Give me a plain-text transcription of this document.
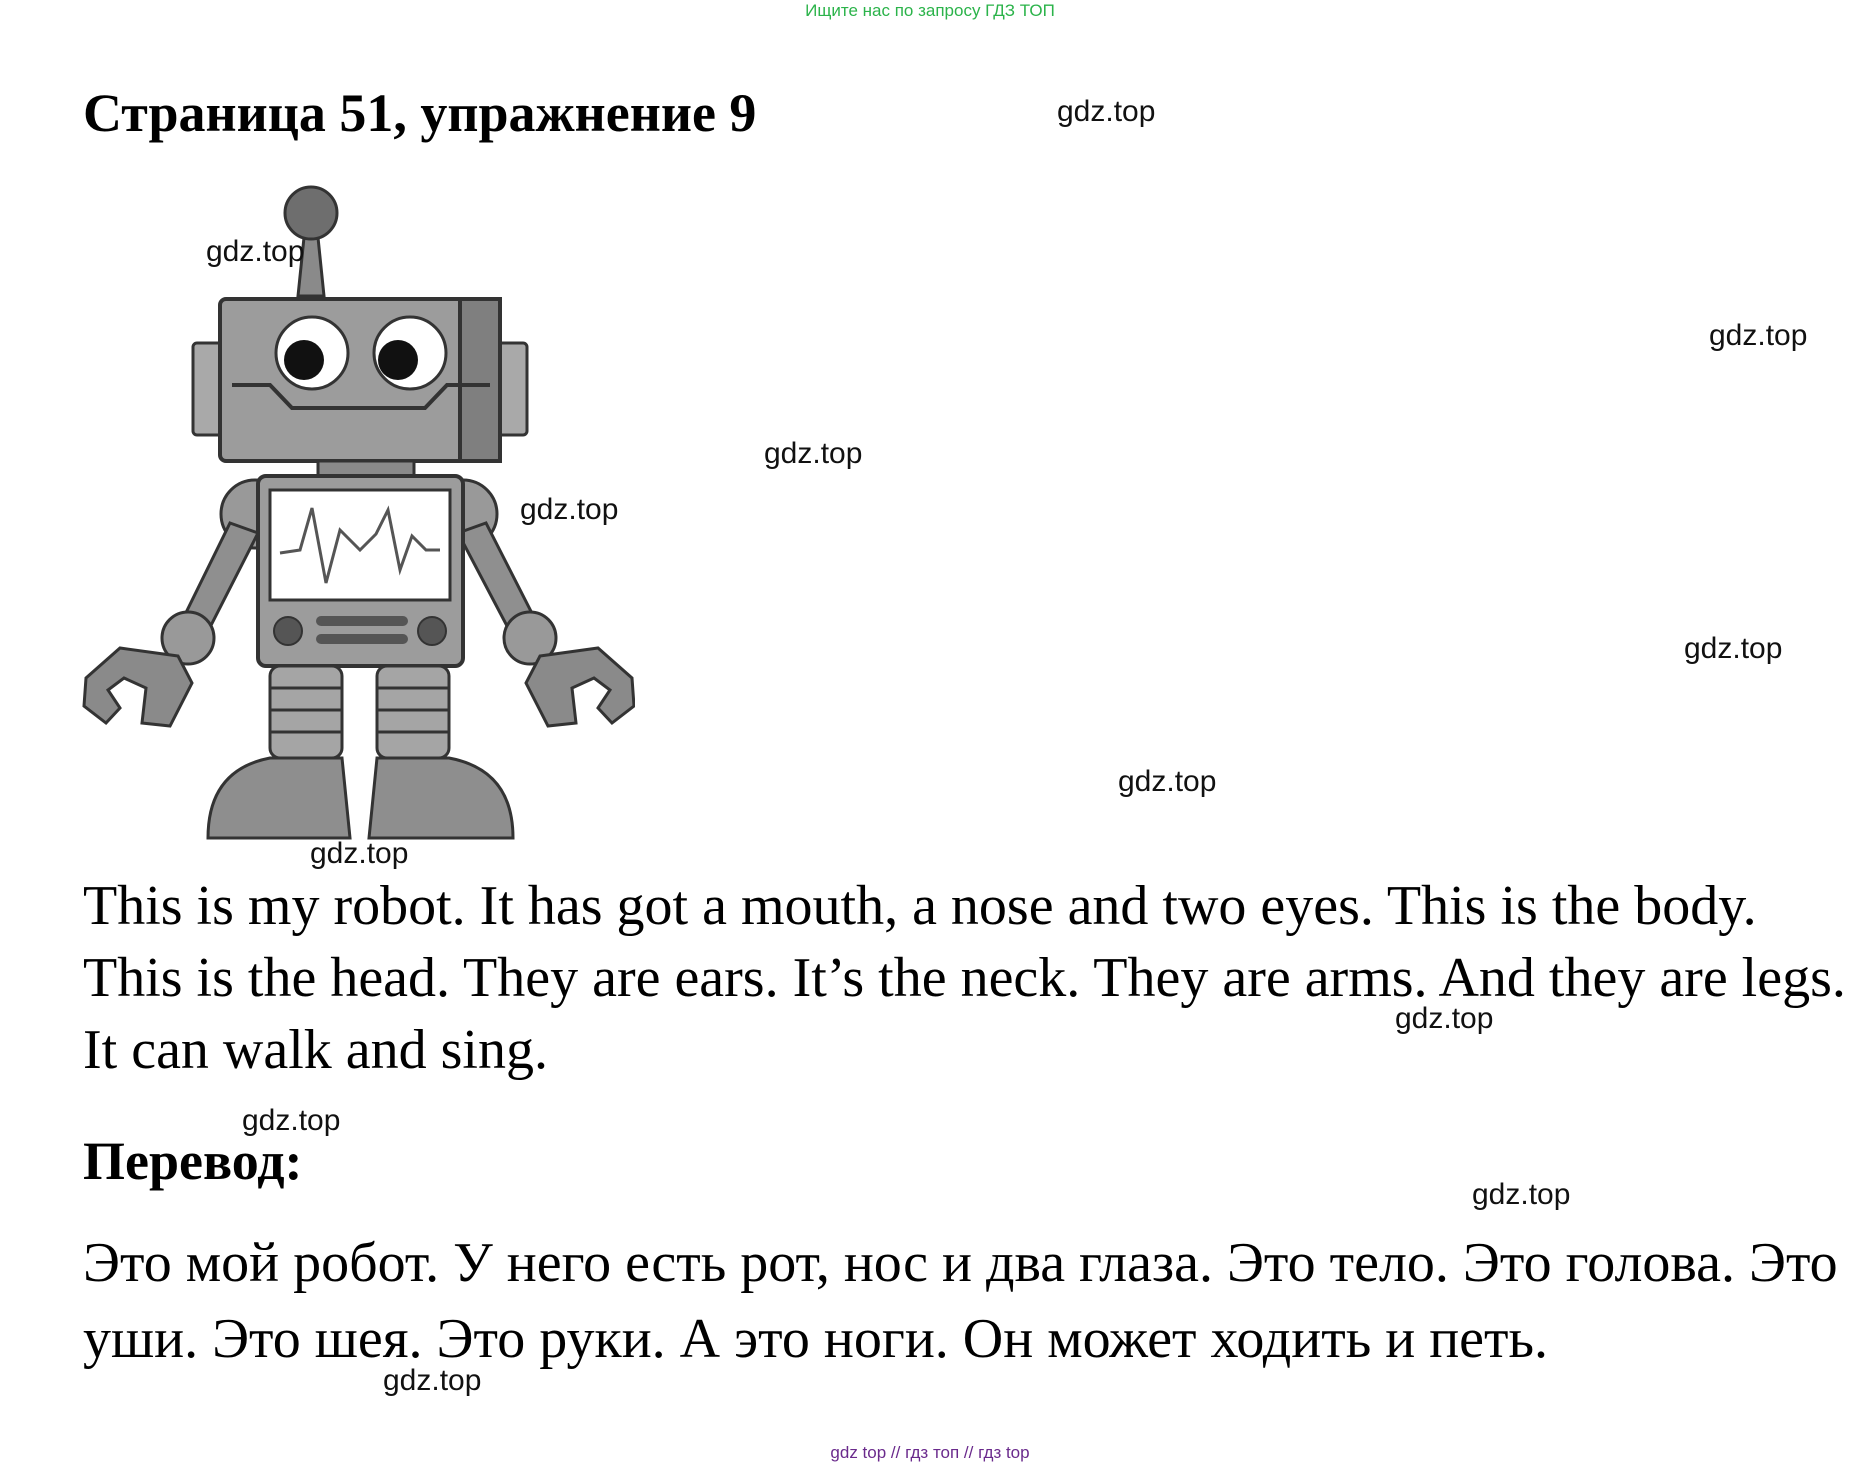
Ищите нас по запросу ГДЗ ТОП
Страница 51, упражнение 9

This is my robot. It has got a mouth, a nose and two eyes. This is the body. This is the head. They are ears. It’s the neck. They are arms. And they are legs. It can walk and sing.

Перевод:

Это мой робот. У него есть рот, нос и два глаза. Это тело. Это голова. Это уши. Это шея. Это руки. А это ноги. Он может ходить и петь.

gdz.top
gdz.top
gdz.top
gdz.top
gdz.top
gdz.top
gdz.top
gdz.top
gdz.top
gdz.top
gdz.top
gdz.top
gdz top // гдз топ // гдз top
